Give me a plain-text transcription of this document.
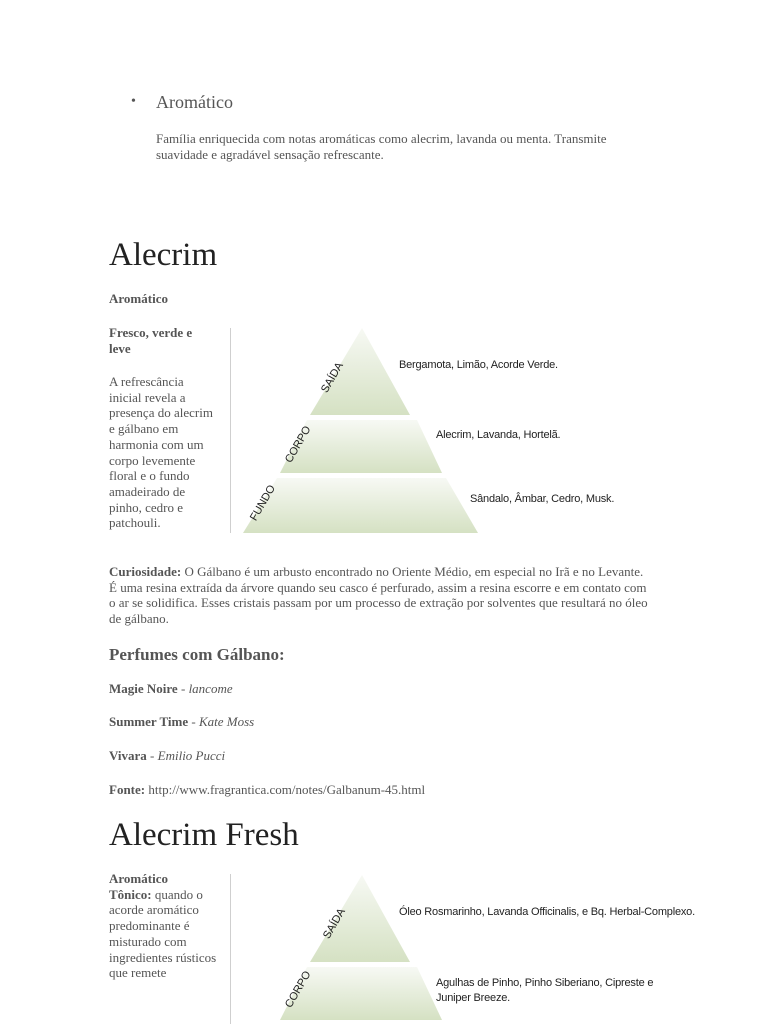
• Aromático
Família enriquecida com notas aromáticas como alecrim, lavanda ou menta. Transmite suavidade e agradável sensação refrescante.
Alecrim
Aromático
Fresco, verde e leve
A refrescância inicial revela a presença do alecrim e gálbano em harmonia com um corpo levemente floral e o fundo amadeirado de pinho, cedro e patchouli.
SAÍDA
CORPO
FUNDO
Bergamota, Limão, Acorde Verde.
Alecrim, Lavanda, Hortelã.
Sândalo, Âmbar, Cedro, Musk.
Curiosidade: O Gálbano é um arbusto encontrado no Oriente Médio, em especial no Irã e no Levante. É uma resina extraída da árvore quando seu casco é perfurado, assim a resina escorre e em contato com o ar se solidifica. Esses cristais passam por um processo de extração por solventes que resultará no óleo de gálbano.
Perfumes com Gálbano:
Magie Noire - lancome
Summer Time - Kate Moss
Vivara - Emilio Pucci
Fonte: http://www.fragrantica.com/notes/Galbanum-45.html
Alecrim Fresh
Aromático
Tônico: quando o acorde aromático predominante é misturado com ingredientes rústicos que remete
SAÍDA
CORPO
Óleo Rosmarinho, Lavanda Officinalis, e Bq. Herbal-Complexo.
Agulhas de Pinho, Pinho Siberiano, Cipreste e
Juniper Breeze.
